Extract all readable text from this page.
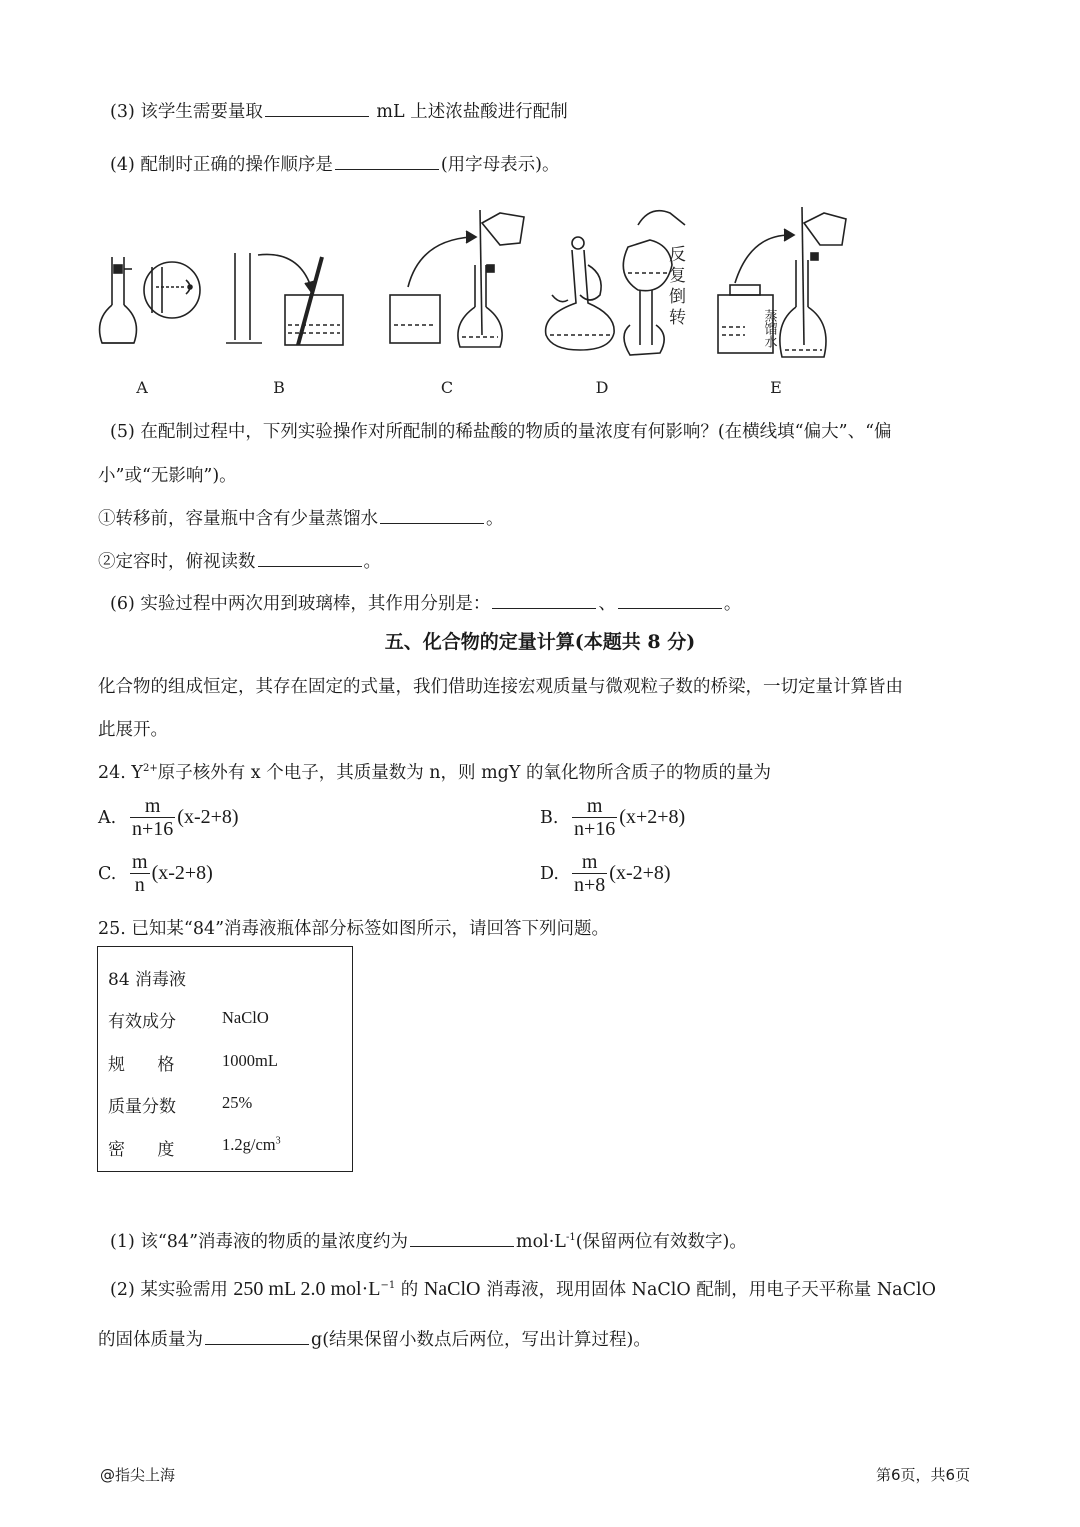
(3) 该学生需要量取	mL 上述浓盐酸进行配制
(4) 配制时正确的操作顺序是	(用字母表示)。
A	B	C	D	E
反复倒转	蒸馏水
(5) 在配制过程中，下列实验操作对所配制的稀盐酸的物质的量浓度有何影响？(在横线填“偏大”、“偏
小”或“无影响”)。
①转移前，容量瓶中含有少量蒸馏水	。
②定容时，俯视读数	。
(6) 实验过程中两次用到玻璃棒，其作用分别是：	、	。
五、化合物的定量计算(本题共 8 分)
化合物的组成恒定，其存在固定的式量，我们借助连接宏观质量与微观粒子数的桥梁，一切定量计算皆由
此展开。
24. $Y^{2+}$原子核外有 x 个电子，其质量数为 n，则 mgY 的氧化物所含质子的物质的量为
A. $\frac{m}{n+16} (x-2+8)$	B. $\frac{m}{n+16} (x+2+8)$
C. $\frac{m}{n} (x-2+8)$	D. $\frac{m}{n+8} (x-2+8)$
25. 已知某“84”消毒液瓶体部分标签如图所示，请回答下列问题。
84 消毒液
有效成分	NaClO
规      格	1000mL
质量分数	25%
密      度	$1.2g/cm^3$
(1) 该“84”消毒液的物质的量浓度约为	$mol\cdot L^{-1}$(保留两位有效数字)。
(2) 某实验需用 250 mL 2.0 $mol\cdot L^{-1}$ 的 NaClO 消毒液，现用固体 NaClO 配制，用电子天平称量 NaClO
的固体质量为	g(结果保留小数点后两位，写出计算过程)。
@指尖上海	第6页，共6页
